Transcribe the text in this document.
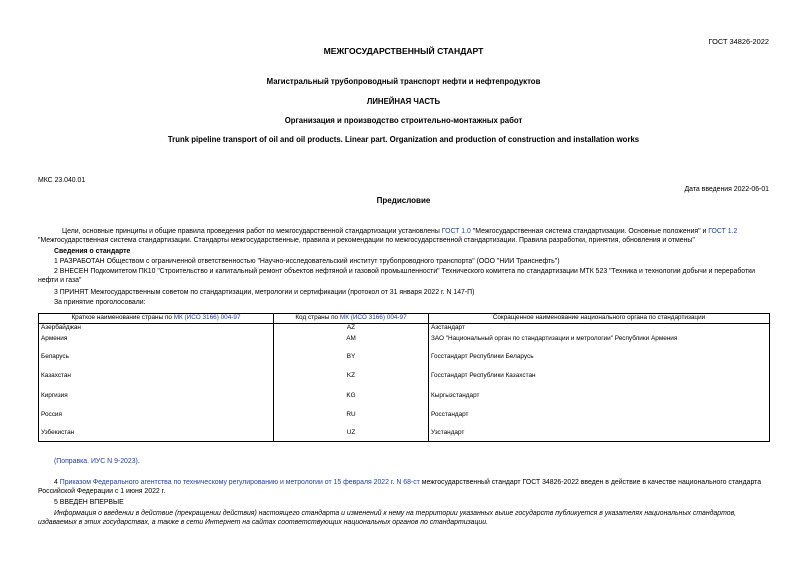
ГОСТ 34826-2022
МЕЖГОСУДАРСТВЕННЫЙ СТАНДАРТ
Магистральный трубопроводный транспорт нефти и нефтепродуктов
ЛИНЕЙНАЯ ЧАСТЬ
Организация и производство строительно-монтажных работ
Trunk pipeline transport of oil and oil products. Linear part. Organization and production of construction and installation works
МКС 23.040.01
Дата введения 2022-06-01
Предисловие
Цели, основные принципы и общие правила проведения работ по межгосударственной стандартизации установлены ГОСТ 1.0 "Межгосударственная система стандартизации. Основные положения" и ГОСТ 1.2 "Межгосударственная система стандартизации. Стандарты межгосударственные, правила и рекомендации по межгосударственной стандартизации. Правила разработки, принятия, обновления и отмены"
Сведения о стандарте
1 РАЗРАБОТАН Обществом с ограниченной ответственностью "Научно-исследовательский институт трубопроводного транспорта" (ООО "НИИ Транснефть")
2 ВНЕСЕН Подкомитетом ПК10 "Строительство и капитальный ремонт объектов нефтяной и газовой промышленности" Технического комитета по стандартизации МТК 523 "Техника и технологии добычи и переработки нефти и газа"
3 ПРИНЯТ Межгосударственным советом по стандартизации, метрологии и сертификации (протокол от 31 января 2022 г. N 147-П)
За принятие проголосовали:
Краткое наименование страны по МК (ИСО 3166) 004-97	Код страны по МК (ИСО 3166) 004-97	Сокращенное наименование национального органа по стандартизации
Азербайджан	AZ	Азстандарт
Армения	AM	ЗАО "Национальный орган по стандартизации и метрологии" Республики Армения
Беларусь	BY	Госстандарт Республики Беларусь
Казахстан	KZ	Госстандарт Республики Казахстан
Киргизия	KG	Кыргызстандарт
Россия	RU	Росстандарт
Узбекистан	UZ	Узстандарт
(Поправка. ИУС N 9-2023).
4 Приказом Федерального агентства по техническому регулированию и метрологии от 15 февраля 2022 г. N 68-ст межгосударственный стандарт ГОСТ 34826-2022 введен в действие в качестве национального стандарта Российской Федерации с 1 июня 2022 г.
5 ВВЕДЕН ВПЕРВЫЕ
Информация о введении в действие (прекращении действия) настоящего стандарта и изменений к нему на территории указанных выше государств публикуется в указателях национальных стандартов, издаваемых в этих государствах, а также в сети Интернет на сайтах соответствующих национальных органов по стандартизации.
